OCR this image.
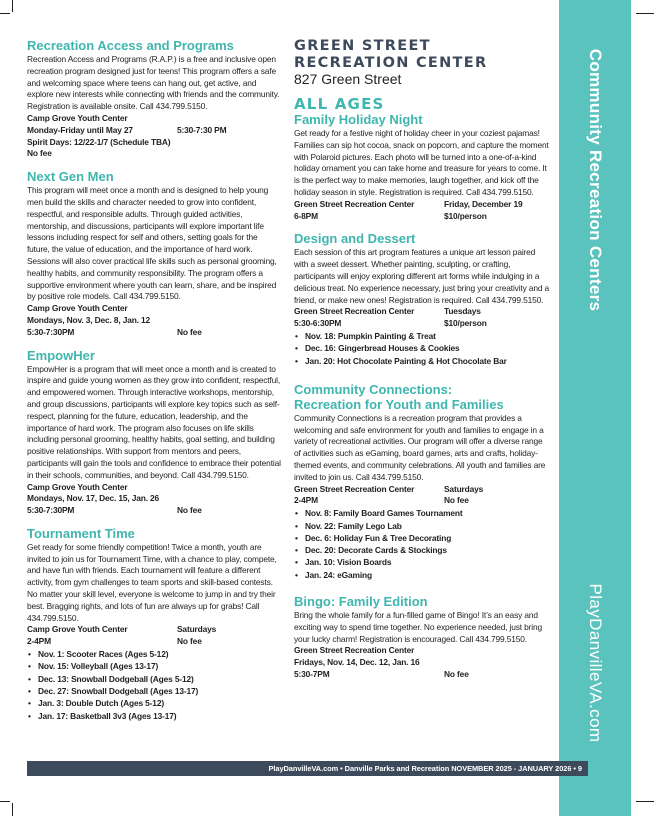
Community Recreation Centers
PlayDanvilleVA.com
Recreation Access and Programs

Recreation Access and Programs (R.A.P.) is a free and inclusive open recreation program designed just for teens! This program offers a safe and welcoming space where teens can hang out, get active, and explore new interests while connecting with friends and the community. Registration is available onsite. Call 434.799.5150.

Camp Grove Youth Center
Monday-Friday until May 27	5:30-7:30 PM
Spirit Days: 12/22-1/7 (Schedule TBA)
No fee
Next Gen Men

This program will meet once a month and is designed to help young men build the skills and character needed to grow into confident, respectful, and responsible adults. Through guided activities, mentorship, and discussions, participants will explore important life lessons including respect for self and others, setting goals for the future, the value of education, and the importance of hard work. Sessions will also cover practical life skills such as personal grooming, healthy habits, and community responsibility. The program offers a supportive environment where youth can learn, share, and be inspired by positive role models. Call 434.799.5150.

Camp Grove Youth Center
Mondays, Nov. 3, Dec. 8, Jan. 12
5:30-7:30PM	No fee
EmpowHer

EmpowHer is a program that will meet once a month and is created to inspire and guide young women as they grow into confident, respectful, and empowered women. Through interactive workshops, mentorship, and group discussions, participants will explore key topics such as self-respect, planning for the future, education, leadership, and the importance of hard work. The program also focuses on life skills including personal grooming, healthy habits, goal setting, and building positive relationships. With support from mentors and peers, participants will gain the tools and confidence to embrace their potential in their schools, communities, and beyond. Call 434.799.5150.

Camp Grove Youth Center
Mondays, Nov. 17, Dec. 15, Jan. 26
5:30-7:30PM	No fee
Tournament Time

Get ready for some friendly competition! Twice a month, youth are invited to join us for Tournament Time, with a chance to play, compete, and have fun with friends. Each tournament will feature a different activity, from gym challenges to team sports and skill-based contests. No matter your skill level, everyone is welcome to jump in and try their best. Bragging rights, and lots of fun are always up for grabs! Call 434.799.5150.

Camp Grove Youth Center	Saturdays
2-4PM	No fee
• Nov. 1: Scooter Races (Ages 5-12)
• Nov. 15: Volleyball (Ages 13-17)
• Dec. 13: Snowball Dodgeball (Ages 5-12)
• Dec. 27: Snowball Dodgeball (Ages 13-17)
• Jan. 3: Double Dutch (Ages 5-12)
• Jan. 17: Basketball 3v3 (Ages 13-17)
GREEN STREET
RECREATION CENTER
827 Green Street
ALL AGES
Family Holiday Night

Get ready for a festive night of holiday cheer in your coziest pajamas! Families can sip hot cocoa, snack on popcorn, and capture the moment with Polaroid pictures. Each photo will be turned into a one-of-a-kind holiday ornament you can take home and treasure for years to come. It is the perfect way to make memories, laugh together, and kick off the holiday season in style. Registration is required. Call 434.799.5150.

Green Street Recreation Center	Friday, December 19
6-8PM	$10/person
Design and Dessert

Each session of this art program features a unique art lesson paired with a sweet dessert. Whether painting, sculpting, or crafting, participants will enjoy exploring different art forms while indulging in a delicious treat. No experience necessary, just bring your creativity and a friend, or make new ones! Registration is required. Call 434.799.5150.

Green Street Recreation Center	Tuesdays
5:30-6:30PM	$10/person
• Nov. 18: Pumpkin Painting & Treat
• Dec. 16: Gingerbread Houses & Cookies
• Jan. 20: Hot Chocolate Painting & Hot Chocolate Bar
Community Connections:
Recreation for Youth and Families

Community Connections is a recreation program that provides a welcoming and safe environment for youth and families to engage in a variety of recreational activities. Our program will offer a diverse range of activities such as eGaming, board games, arts and crafts, holiday-themed events, and community celebrations. All youth and families are invited to join us. Call 434.799.5150.

Green Street Recreation Center	Saturdays
2-4PM	No fee
• Nov. 8: Family Board Games Tournament
• Nov. 22: Family Lego Lab
• Dec. 6: Holiday Fun & Tree Decorating
• Dec. 20: Decorate Cards & Stockings
• Jan. 10: Vision Boards
• Jan. 24: eGaming
Bingo: Family Edition

Bring the whole family for a fun-filled game of Bingo! It’s an easy and exciting way to spend time together. No experience needed, just bring your lucky charm! Registration is encouraged. Call 434.799.5150.

Green Street Recreation Center
Fridays, Nov. 14, Dec. 12, Jan. 16
5:30-7PM	No fee
PlayDanvilleVA.com • Danville Parks and Recreation NOVEMBER 2025 - JANUARY 2026 • 9
